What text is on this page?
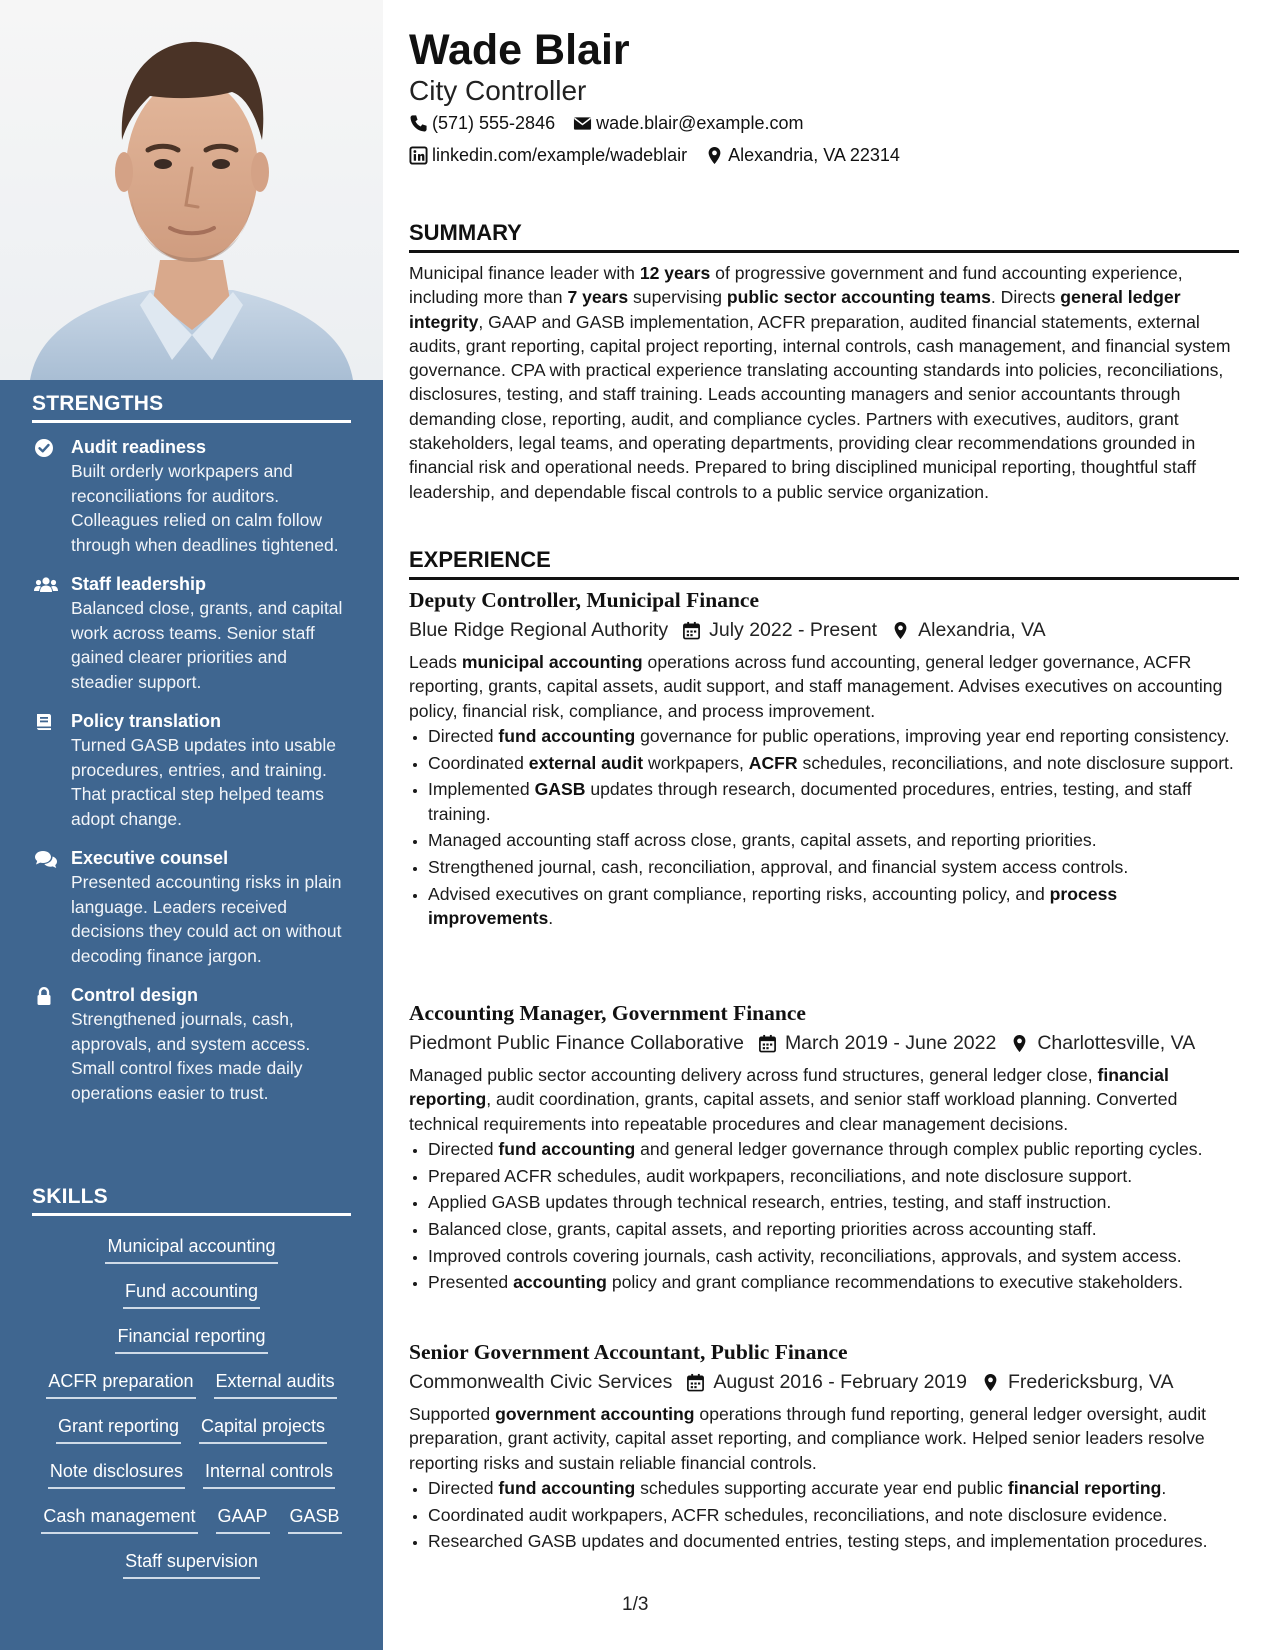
STRENGTHS
Audit readiness
Built orderly workpapers and reconciliations for auditors. Colleagues relied on calm follow through when deadlines tightened.
Staff leadership
Balanced close, grants, and capital work across teams. Senior staff gained clearer priorities and steadier support.
Policy translation
Turned GASB updates into usable procedures, entries, and training. That practical step helped teams adopt change.
Executive counsel
Presented accounting risks in plain language. Leaders received decisions they could act on without decoding finance jargon.
Control design
Strengthened journals, cash, approvals, and system access. Small control fixes made daily operations easier to trust.
SKILLS
Municipal accounting
Fund accounting
Financial reporting
ACFR preparation External audits
Grant reporting Capital projects
Note disclosures Internal controls
Cash management GAAP GASB
Staff supervision
Wade Blair
City Controller
(571) 555-2846 wade.blair@example.com
linkedin.com/example/wadeblair Alexandria, VA 22314
SUMMARY
Municipal finance leader with 12 years of progressive government and fund accounting experience, including more than 7 years supervising public sector accounting teams. Directs general ledger integrity, GAAP and GASB implementation, ACFR preparation, audited financial statements, external audits, grant reporting, capital project reporting, internal controls, cash management, and financial system governance. CPA with practical experience translating accounting standards into policies, reconciliations, disclosures, testing, and staff training. Leads accounting managers and senior accountants through demanding close, reporting, audit, and compliance cycles. Partners with executives, auditors, grant stakeholders, legal teams, and operating departments, providing clear recommendations grounded in financial risk and operational needs. Prepared to bring disciplined municipal reporting, thoughtful staff leadership, and dependable fiscal controls to a public service organization.
EXPERIENCE
Deputy Controller, Municipal Finance
Blue Ridge Regional Authority July 2022 - Present Alexandria, VA
Leads municipal accounting operations across fund accounting, general ledger governance, ACFR reporting, grants, capital assets, audit support, and staff management. Advises executives on accounting policy, financial risk, compliance, and process improvement.
• Directed fund accounting governance for public operations, improving year end reporting consistency.
• Coordinated external audit workpapers, ACFR schedules, reconciliations, and note disclosure support.
• Implemented GASB updates through research, documented procedures, entries, testing, and staff training.
• Managed accounting staff across close, grants, capital assets, and reporting priorities.
• Strengthened journal, cash, reconciliation, approval, and financial system access controls.
• Advised executives on grant compliance, reporting risks, accounting policy, and process improvements.
Accounting Manager, Government Finance
Piedmont Public Finance Collaborative March 2019 - June 2022 Charlottesville, VA
Managed public sector accounting delivery across fund structures, general ledger close, financial reporting, audit coordination, grants, capital assets, and senior staff workload planning. Converted technical requirements into repeatable procedures and clear management decisions.
• Directed fund accounting and general ledger governance through complex public reporting cycles.
• Prepared ACFR schedules, audit workpapers, reconciliations, and note disclosure support.
• Applied GASB updates through technical research, entries, testing, and staff instruction.
• Balanced close, grants, capital assets, and reporting priorities across accounting staff.
• Improved controls covering journals, cash activity, reconciliations, approvals, and system access.
• Presented accounting policy and grant compliance recommendations to executive stakeholders.
Senior Government Accountant, Public Finance
Commonwealth Civic Services August 2016 - February 2019 Fredericksburg, VA
Supported government accounting operations through fund reporting, general ledger oversight, audit preparation, grant activity, capital asset reporting, and compliance work. Helped senior leaders resolve reporting risks and sustain reliable financial controls.
• Directed fund accounting schedules supporting accurate year end public financial reporting.
• Coordinated audit workpapers, ACFR schedules, reconciliations, and note disclosure evidence.
• Researched GASB updates and documented entries, testing steps, and implementation procedures.
1/3
